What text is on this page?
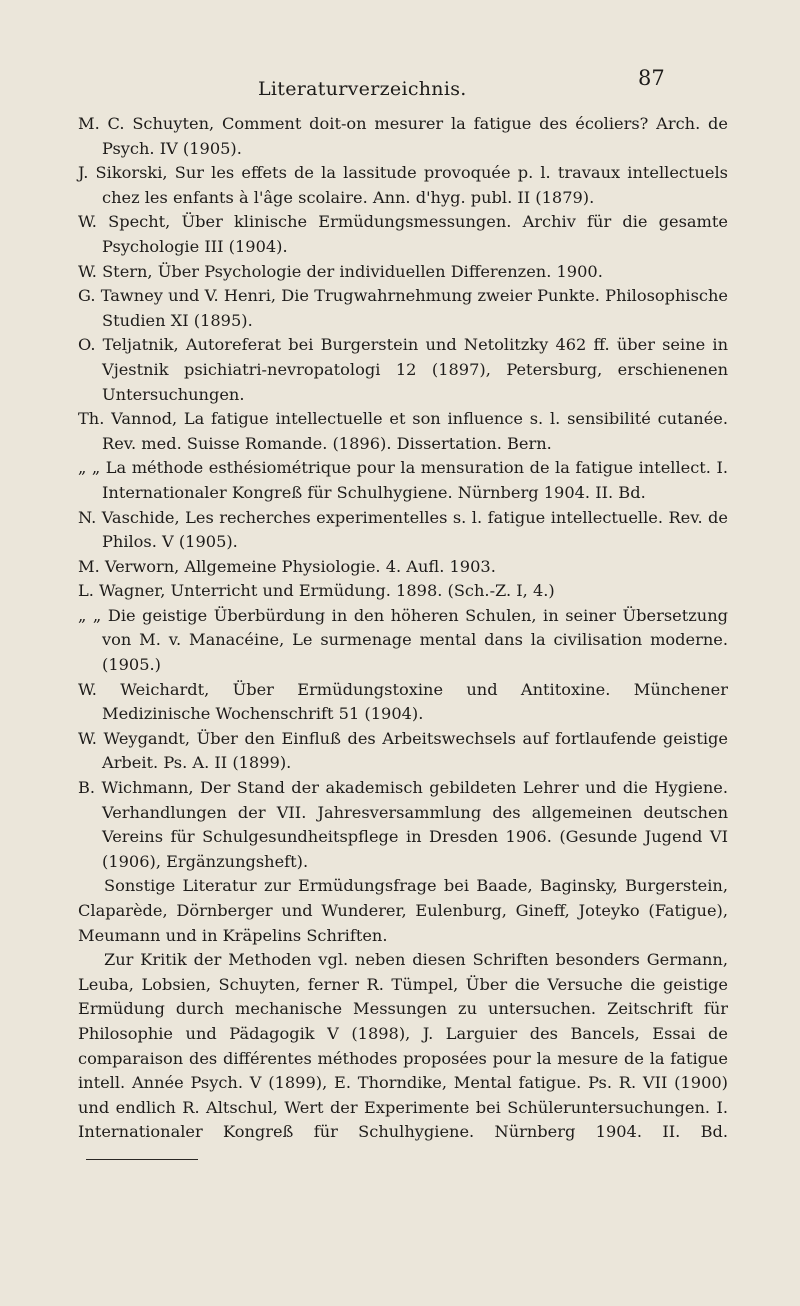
Literaturverzeichnis.	87

M. C. Schuyten, Comment doit-on mesurer la fatigue des écoliers? Arch. de Psych. IV (1905).

J. Sikorski, Sur les effets de la lassitude provoquée p. l. travaux intellectuels chez les enfants à l'âge scolaire. Ann. d'hyg. publ. II (1879).

W. Specht, Über klinische Ermüdungsmessungen. Archiv für die gesamte Psychologie III (1904).

W. Stern, Über Psychologie der individuellen Differenzen. 1900.

G. Tawney und V. Henri, Die Trugwahrnehmung zweier Punkte. Philosophische Studien XI (1895).

O. Teljatnik, Autoreferat bei Burgerstein und Netolitzky 462 ff. über seine in Vjestnik psichiatri-nevropatologi 12 (1897), Petersburg, erschienenen Untersuchungen.

Th. Vannod, La fatigue intellectuelle et son influence s. l. sensibilité cutanée. Rev. med. Suisse Romande. (1896). Dissertation. Bern.

„ „ La méthode esthésiométrique pour la mensuration de la fatigue intellect. I. Internationaler Kongreß für Schulhygiene. Nürnberg 1904. II. Bd.

N. Vaschide, Les recherches experimentelles s. l. fatigue intellectuelle. Rev. de Philos. V (1905).

M. Verworn, Allgemeine Physiologie. 4. Aufl. 1903.

L. Wagner, Unterricht und Ermüdung. 1898. (Sch.-Z. I, 4.)

„ „ Die geistige Überbürdung in den höheren Schulen, in seiner Übersetzung von M. v. Manacéine, Le surmenage mental dans la civilisation moderne. (1905.)

W. Weichardt, Über Ermüdungstoxine und Antitoxine. Münchener Medizinische Wochenschrift 51 (1904).

W. Weygandt, Über den Einfluß des Arbeitswechsels auf fortlaufende geistige Arbeit. Ps. A. II (1899).

B. Wichmann, Der Stand der akademisch gebildeten Lehrer und die Hygiene. Verhandlungen der VII. Jahresversammlung des allgemeinen deutschen Vereins für Schulgesundheitspflege in Dresden 1906. (Gesunde Jugend VI (1906), Ergänzungsheft).

Sonstige Literatur zur Ermüdungsfrage bei Baade, Baginsky, Burgerstein, Claparède, Dörnberger und Wunderer, Eulenburg, Gineff, Joteyko (Fatigue), Meumann und in Kräpelins Schriften.

Zur Kritik der Methoden vgl. neben diesen Schriften besonders Germann, Leuba, Lobsien, Schuyten, ferner R. Tümpel, Über die Versuche die geistige Ermüdung durch mechanische Messungen zu untersuchen. Zeitschrift für Philosophie und Pädagogik V (1898), J. Larguier des Bancels, Essai de comparaison des différentes méthodes proposées pour la mesure de la fatigue intell. Année Psych. V (1899), E. Thorndike, Mental fatigue. Ps. R. VII (1900) und endlich R. Altschul, Wert der Experimente bei Schüleruntersuchungen. I. Internationaler Kongreß für Schulhygiene. Nürnberg 1904. II. Bd.
